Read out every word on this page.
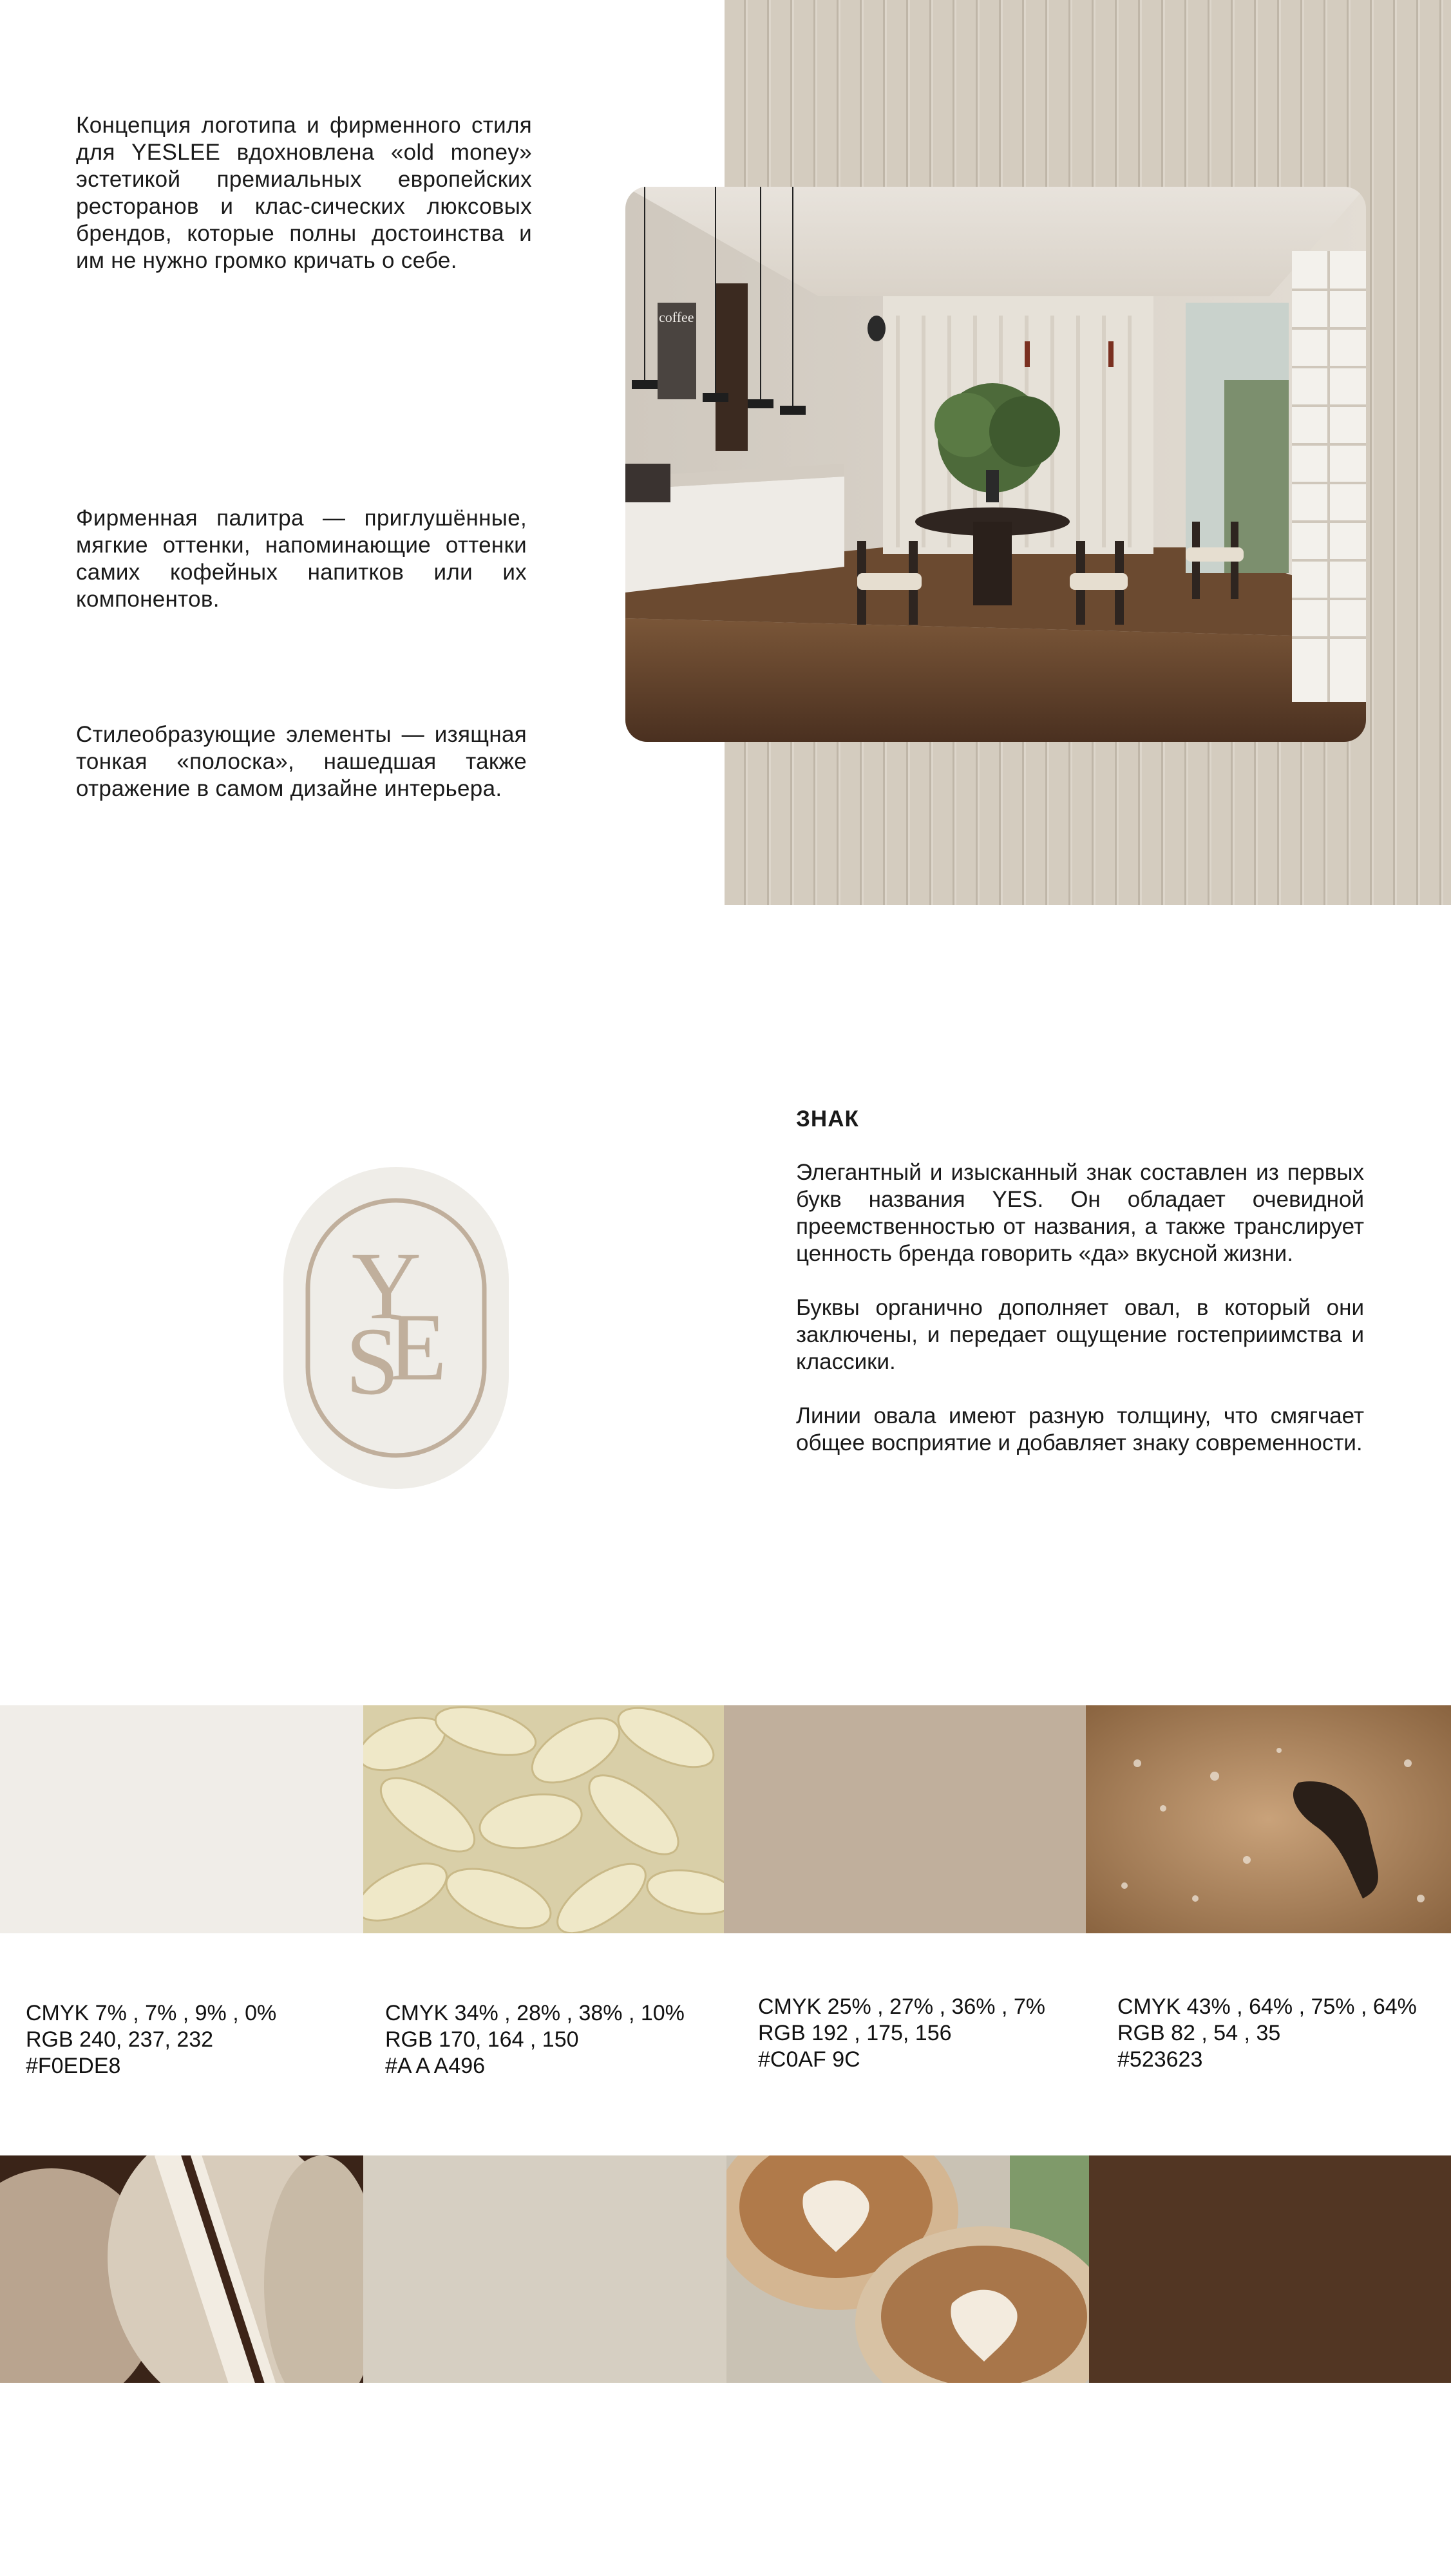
Концепция логотипа и фирменного стиля для YESLEE вдохновлена «old money» эстетикой премиальных европейских ресторанов и клас-сических люксовых брендов, которые полны достоинства и им не нужно громко кричать о себе.
Фирменная палитра — приглушённые, мягкие оттенки, напоминающие оттенки самих кофейных напитков или их компонентов.
Стилеобразующие элементы — изящная тонкая «полоска», нашедшая также отражение в самом дизайне интерьера.
coffee
Y
S
E
ЗНАК

Элегантный и изысканный знак составлен из первых букв названия YES. Он обладает очевидной преемственностью от названия, а также транслирует ценность бренда говорить «да» вкусной жизни.

Буквы органично дополняет овал, в который они заключены, и передает ощущение гостеприимства и классики.

Линии овала имеют разную толщину, что смягчает общее восприятие и добавляет знаку современности.

CMYK 7% , 7% , 9% , 0%
RGB 240, 237, 232
#F0EDE8
CMYK 34% , 28% , 38% , 10%
RGB 170, 164 , 150
#A A A496
CMYK 25% , 27% , 36% , 7%
RGB 192 , 175, 156
#C0AF 9C
CMYK 43% , 64% , 75% , 64%
RGB 82 , 54 , 35
#523623
